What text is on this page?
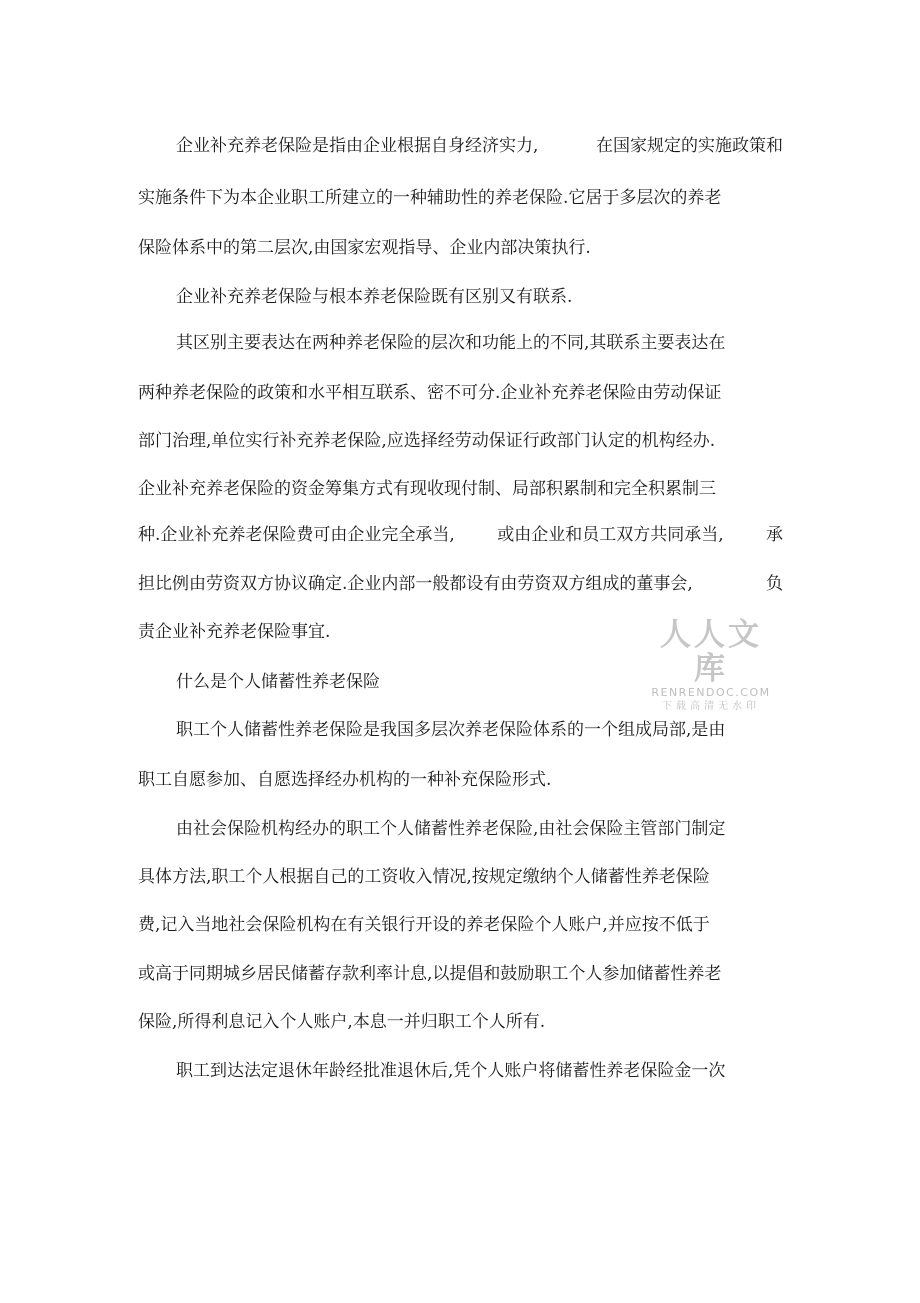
企业补充养老保险是指由企业根据自身经济实力,	在国家规定的实施政策和
实施条件下为本企业职工所建立的一种辅助性的养老保险.它居于多层次的养老
保险体系中的第二层次,由国家宏观指导、企业内部决策执行.
企业补充养老保险与根本养老保险既有区别又有联系.
其区别主要表达在两种养老保险的层次和功能上的不同,其联系主要表达在
两种养老保险的政策和水平相互联系、密不可分.企业补充养老保险由劳动保证
部门治理,单位实行补充养老保险,应选择经劳动保证行政部门认定的机构经办.
企业补充养老保险的资金筹集方式有现收现付制、局部积累制和完全积累制三
种.企业补充养老保险费可由企业完全承当, 或由企业和员工双方共同承当, 承
担比例由劳资双方协议确定.企业内部一般都设有由劳资双方组成的董事会,	负
责企业补充养老保险事宜.
什么是个人储蓄性养老保险
职工个人储蓄性养老保险是我国多层次养老保险体系的一个组成局部,是由
职工自愿参加、自愿选择经办机构的一种补充保险形式.
由社会保险机构经办的职工个人储蓄性养老保险,由社会保险主管部门制定
具体方法,职工个人根据自己的工资收入情况,按规定缴纳个人储蓄性养老保险
费,记入当地社会保险机构在有关银行开设的养老保险个人账户,并应按不低于
或高于同期城乡居民储蓄存款利率计息,以提倡和鼓励职工个人参加储蓄性养老
保险,所得利息记入个人账户,本息一并归职工个人所有.
职工到达法定退休年龄经批准退休后,凭个人账户将储蓄性养老保险金一次
人人文库
RENRENDOC.COM
下载高清无水印
